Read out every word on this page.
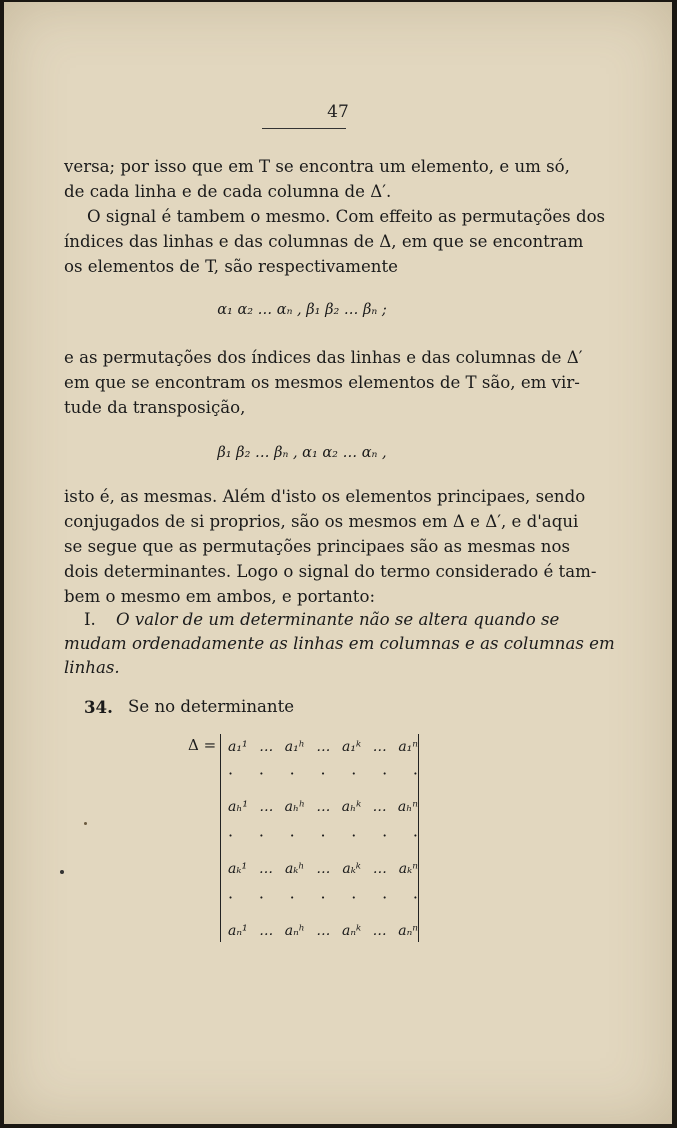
47
versa; por isso que em T se encontra um elemento, e um só,
de cada linha e de cada columna de Δ′.
O signal é tambem o mesmo. Com effeito as permutações dos
índices das linhas e das columnas de Δ, em que se encontram
os elementos de T, são respectivamente
α₁ α₂ … αₙ , β₁ β₂ … βₙ ;
e as permutações dos índices das linhas e das columnas de Δ′
em que se encontram os mesmos elementos de T são, em vir-
tude da transposição,
β₁ β₂ … βₙ , α₁ α₂ … αₙ ,
isto é, as mesmas. Além d'isto os elementos principaes, sendo
conjugados de si proprios, são os mesmos em Δ e Δ′, e d'aqui
se segue que as permutações principaes são as mesmas nos
dois determinantes. Logo o signal do termo considerado é tam-
bem o mesmo em ambos, e portanto:
I.	O valor de um determinante não se altera quando se
mudam ordenadamente as linhas em columnas e as columnas em
linhas.
34. Se no determinante
Δ = a₁¹ … a₁ʰ … a₁ᵏ … a₁ⁿ
· · · · · · ·
aₕ¹ … aₕʰ … aₕᵏ … aₕⁿ
· · · · · · ·
aₖ¹ … aₖʰ … aₖᵏ … aₖⁿ
· · · · · · ·
aₙ¹ … aₙʰ … aₙᵏ … aₙⁿ
